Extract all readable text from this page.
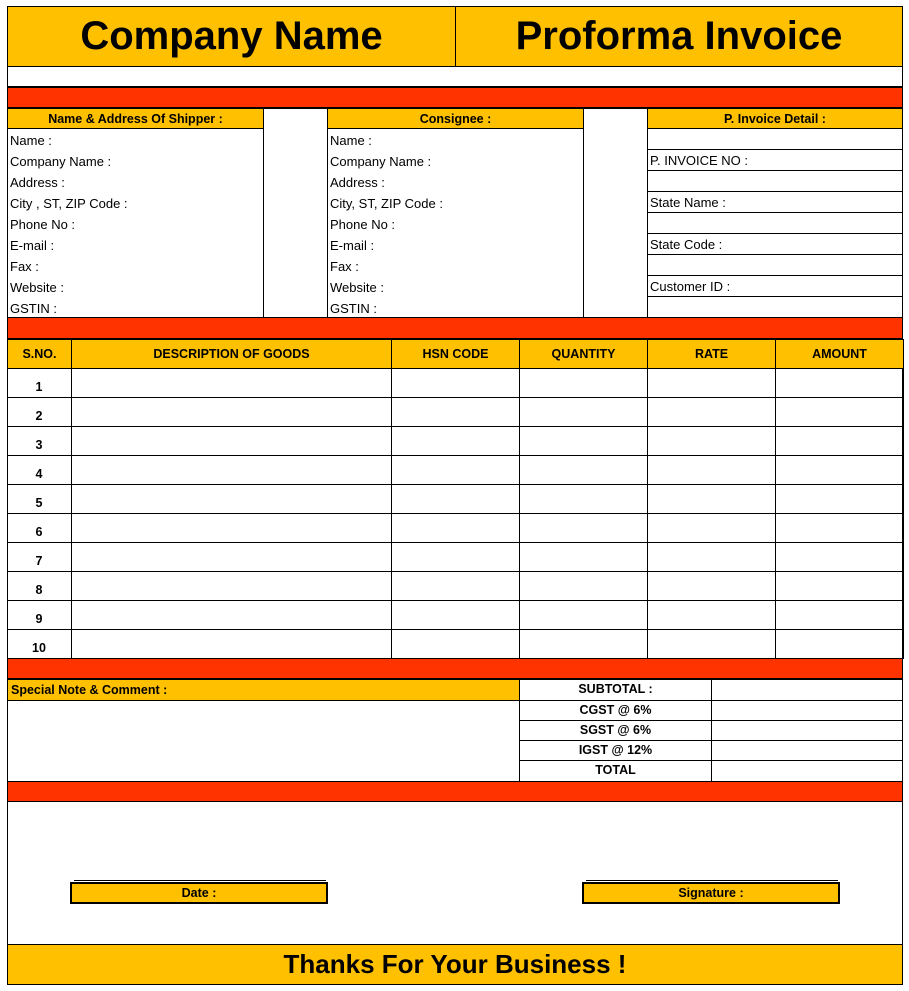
Company Name	Proforma Invoice
Name & Address Of Shipper :
Name :
Company Name :
Address :
City , ST, ZIP Code :
Phone No :
E-mail :
Fax :
Website :
GSTIN :
Consignee :
Name :
Company Name :
Address :
City, ST, ZIP Code :
Phone No :
E-mail :
Fax :
Website :
GSTIN :
P. Invoice Detail :
P. INVOICE NO :
State Name :
State Code :
Customer ID :
S.NO.	DESCRIPTION OF GOODS	HSN CODE	QUANTITY	RATE	AMOUNT
1
2
3
4
5
6
7
8
9
10
Special Note & Comment :	SUBTOTAL :
CGST @ 6%
SGST @ 6%
IGST @ 12%
TOTAL
Date :	Signature :
Thanks For Your Business !
